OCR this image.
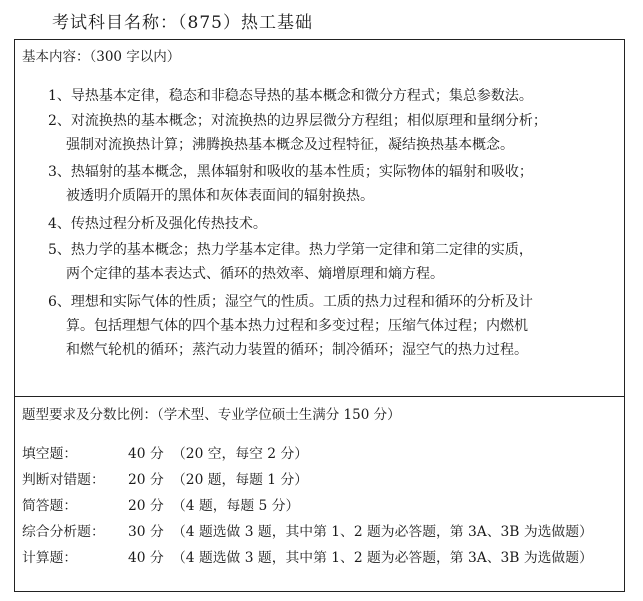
考试科目名称：（875）热工基础
基本内容：（300 字以内）
1、导热基本定律，稳态和非稳态导热的基本概念和微分方程式；集总参数法。
2、对流换热的基本概念；对流换热的边界层微分方程组；相似原理和量纲分析；
强制对流换热计算；沸腾换热基本概念及过程特征，凝结换热基本概念。
3、热辐射的基本概念，黑体辐射和吸收的基本性质；实际物体的辐射和吸收；
被透明介质隔开的黑体和灰体表面间的辐射换热。
4、传热过程分析及强化传热技术。
5、热力学的基本概念；热力学基本定律。热力学第一定律和第二定律的实质，
两个定律的基本表达式、循环的热效率、熵增原理和熵方程。
6、理想和实际气体的性质；湿空气的性质。工质的热力过程和循环的分析及计
算。包括理想气体的四个基本热力过程和多变过程；压缩气体过程；内燃机
和燃气轮机的循环；蒸汽动力装置的循环；制冷循环；湿空气的热力过程。
题型要求及分数比例：（学术型、专业学位硕士生满分 150 分）
填空题：	40 分 （20 空，每空 2 分）
判断对错题： 20 分 （20 题，每题 1 分）
简答题：	20 分 （4 题，每题 5 分）
综合分析题： 30 分 （4 题选做 3 题，其中第 1、2 题为必答题，第 3A、3B 为选做题）
计算题：	40 分 （4 题选做 3 题，其中第 1、2 题为必答题，第 3A、3B 为选做题）
